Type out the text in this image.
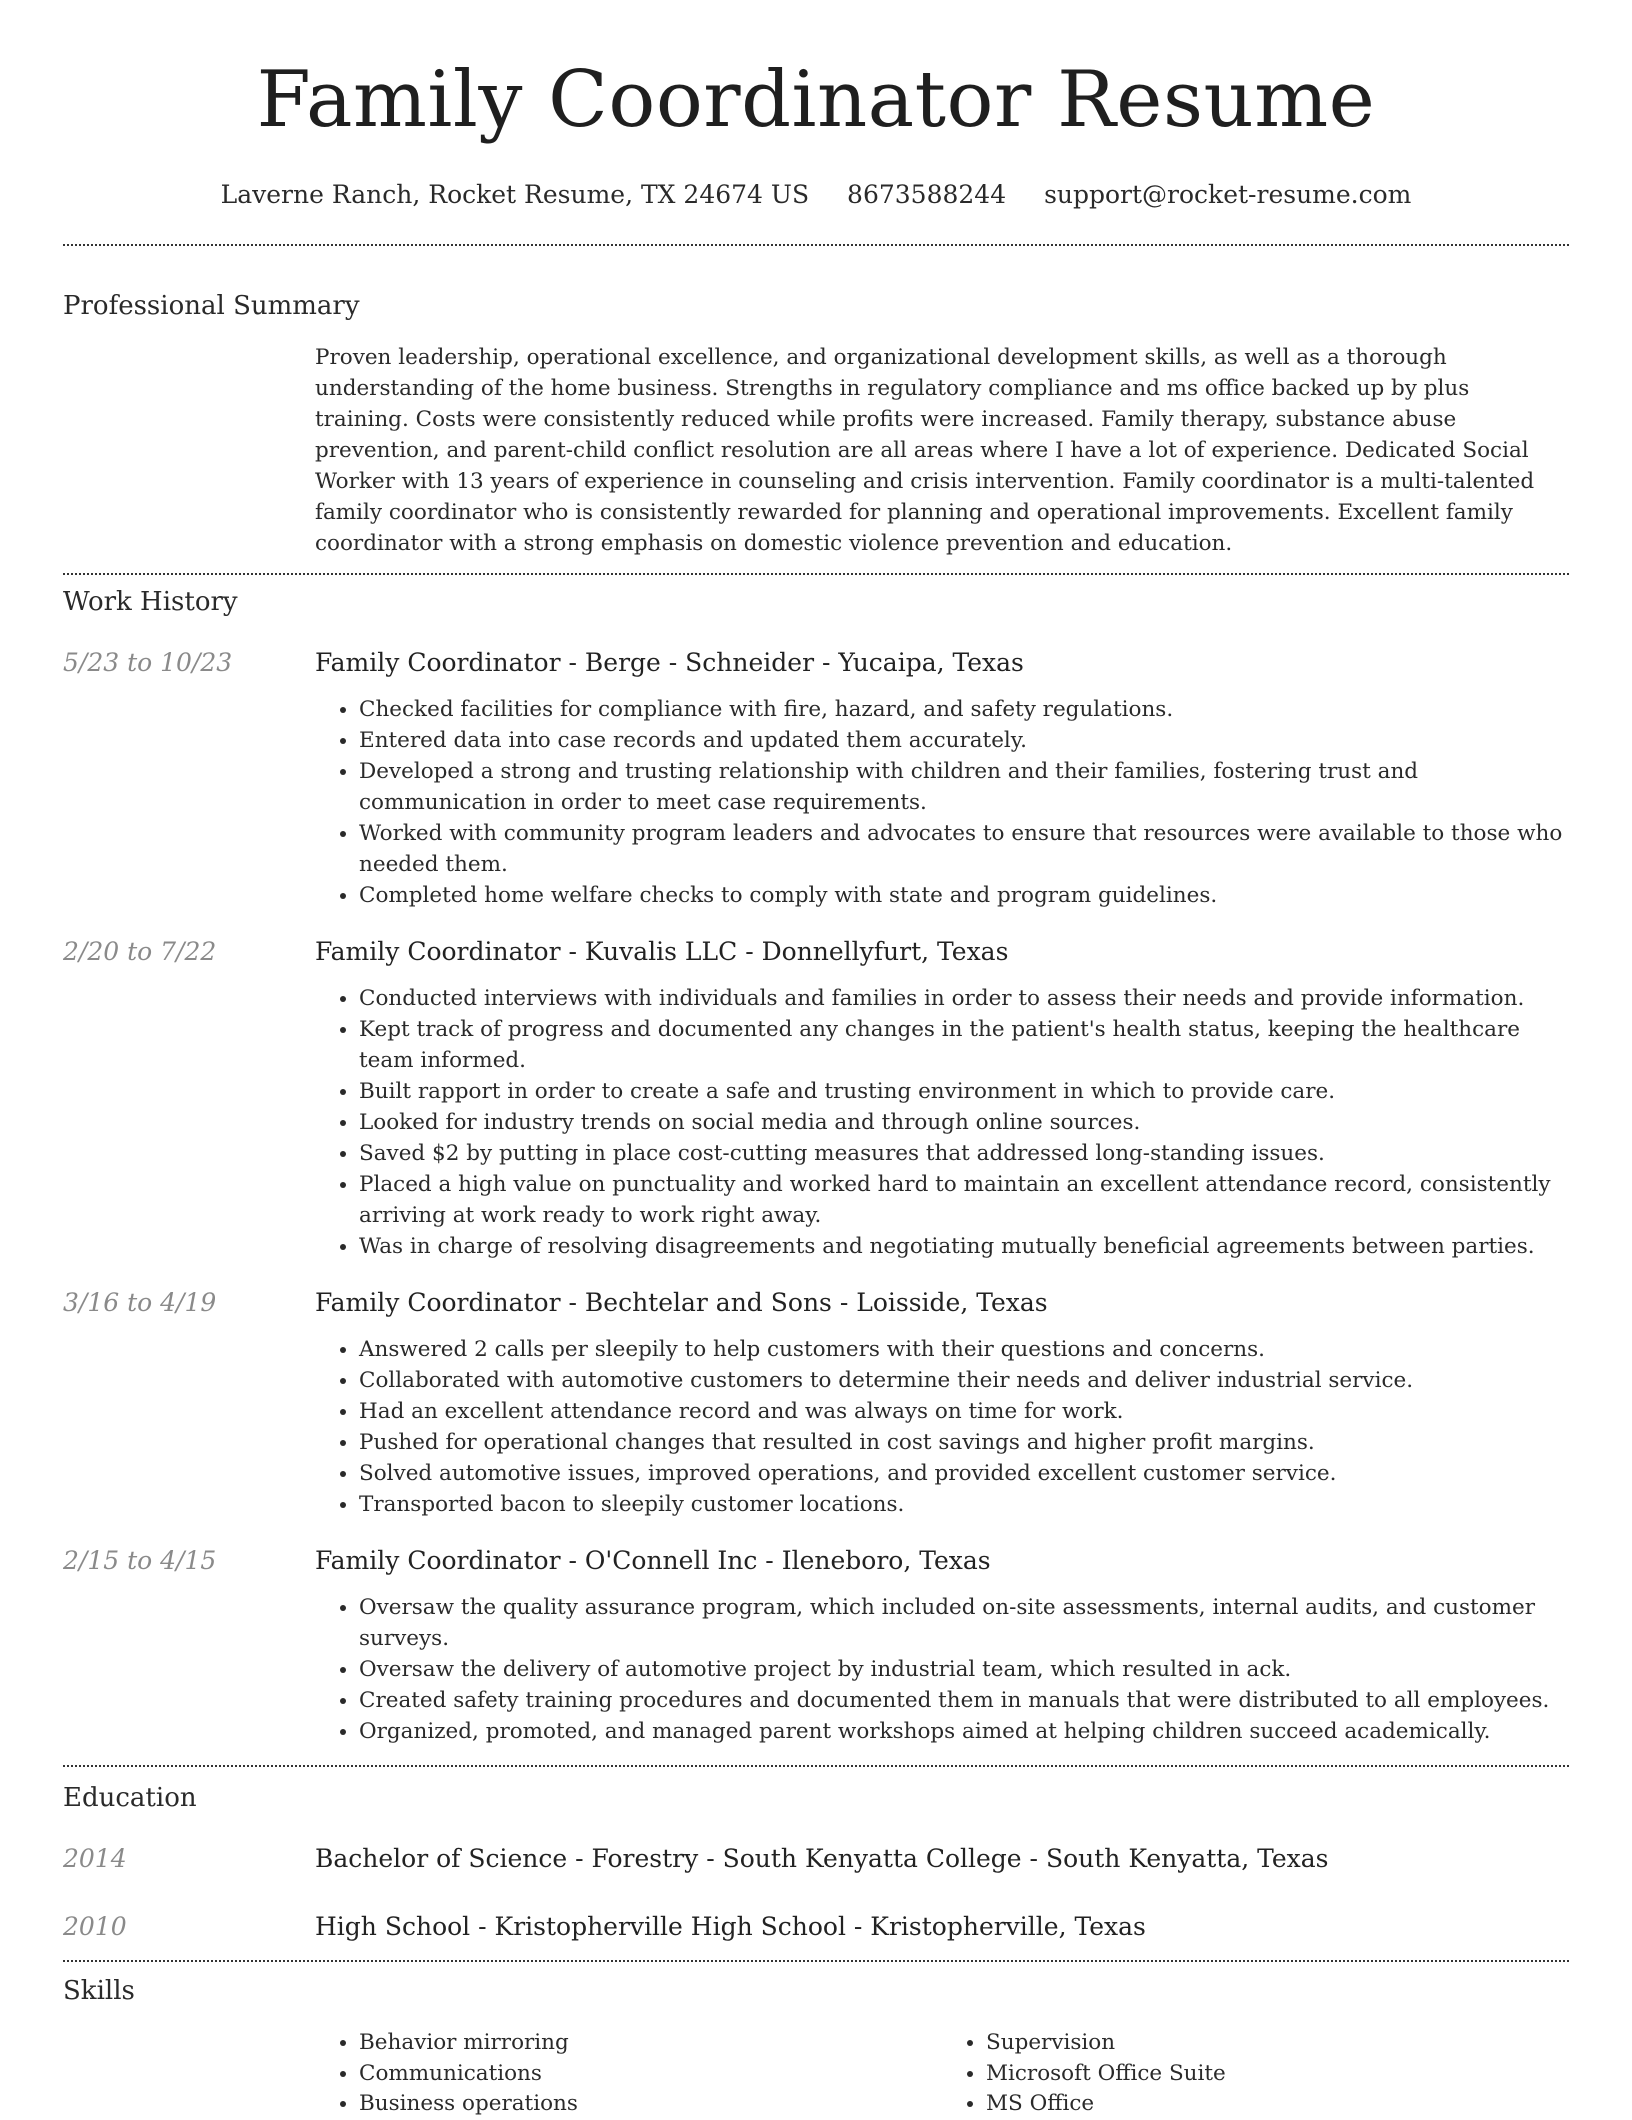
Family Coordinator Resume
Laverne Ranch, Rocket Resume, TX 24674 US 8673588244 support@rocket-resume.com
Professional Summary
Proven leadership, operational excellence, and organizational development skills, as well as a thorough understanding of the home business. Strengths in regulatory compliance and ms office backed up by plus training. Costs were consistently reduced while profits were increased. Family therapy, substance abuse prevention, and parent-child conflict resolution are all areas where I have a lot of experience. Dedicated Social Worker with 13 years of experience in counseling and crisis intervention. Family coordinator is a multi-talented family coordinator who is consistently rewarded for planning and operational improvements. Excellent family coordinator with a strong emphasis on domestic violence prevention and education.
Work History
5/23 to 10/23	Family Coordinator - Berge - Schneider - Yucaipa, Texas
• Checked facilities for compliance with fire, hazard, and safety regulations.
• Entered data into case records and updated them accurately.
• Developed a strong and trusting relationship with children and their families, fostering trust and communication in order to meet case requirements.
• Worked with community program leaders and advocates to ensure that resources were available to those who needed them.
• Completed home welfare checks to comply with state and program guidelines.
2/20 to 7/22	Family Coordinator - Kuvalis LLC - Donnellyfurt, Texas
• Conducted interviews with individuals and families in order to assess their needs and provide information.
• Kept track of progress and documented any changes in the patient's health status, keeping the healthcare team informed.
• Built rapport in order to create a safe and trusting environment in which to provide care.
• Looked for industry trends on social media and through online sources.
• Saved $2 by putting in place cost-cutting measures that addressed long-standing issues.
• Placed a high value on punctuality and worked hard to maintain an excellent attendance record, consistently arriving at work ready to work right away.
• Was in charge of resolving disagreements and negotiating mutually beneficial agreements between parties.
3/16 to 4/19	Family Coordinator - Bechtelar and Sons - Loisside, Texas
• Answered 2 calls per sleepily to help customers with their questions and concerns.
• Collaborated with automotive customers to determine their needs and deliver industrial service.
• Had an excellent attendance record and was always on time for work.
• Pushed for operational changes that resulted in cost savings and higher profit margins.
• Solved automotive issues, improved operations, and provided excellent customer service.
• Transported bacon to sleepily customer locations.
2/15 to 4/15	Family Coordinator - O'Connell Inc - Ileneboro, Texas
• Oversaw the quality assurance program, which included on-site assessments, internal audits, and customer surveys.
• Oversaw the delivery of automotive project by industrial team, which resulted in ack.
• Created safety training procedures and documented them in manuals that were distributed to all employees.
• Organized, promoted, and managed parent workshops aimed at helping children succeed academically.
Education
2014	Bachelor of Science - Forestry - South Kenyatta College - South Kenyatta, Texas
2010	High School - Kristopherville High School - Kristopherville, Texas
Skills
• Behavior mirroring
• Communications
• Business operations
• Supervision
• Microsoft Office Suite
• MS Office
